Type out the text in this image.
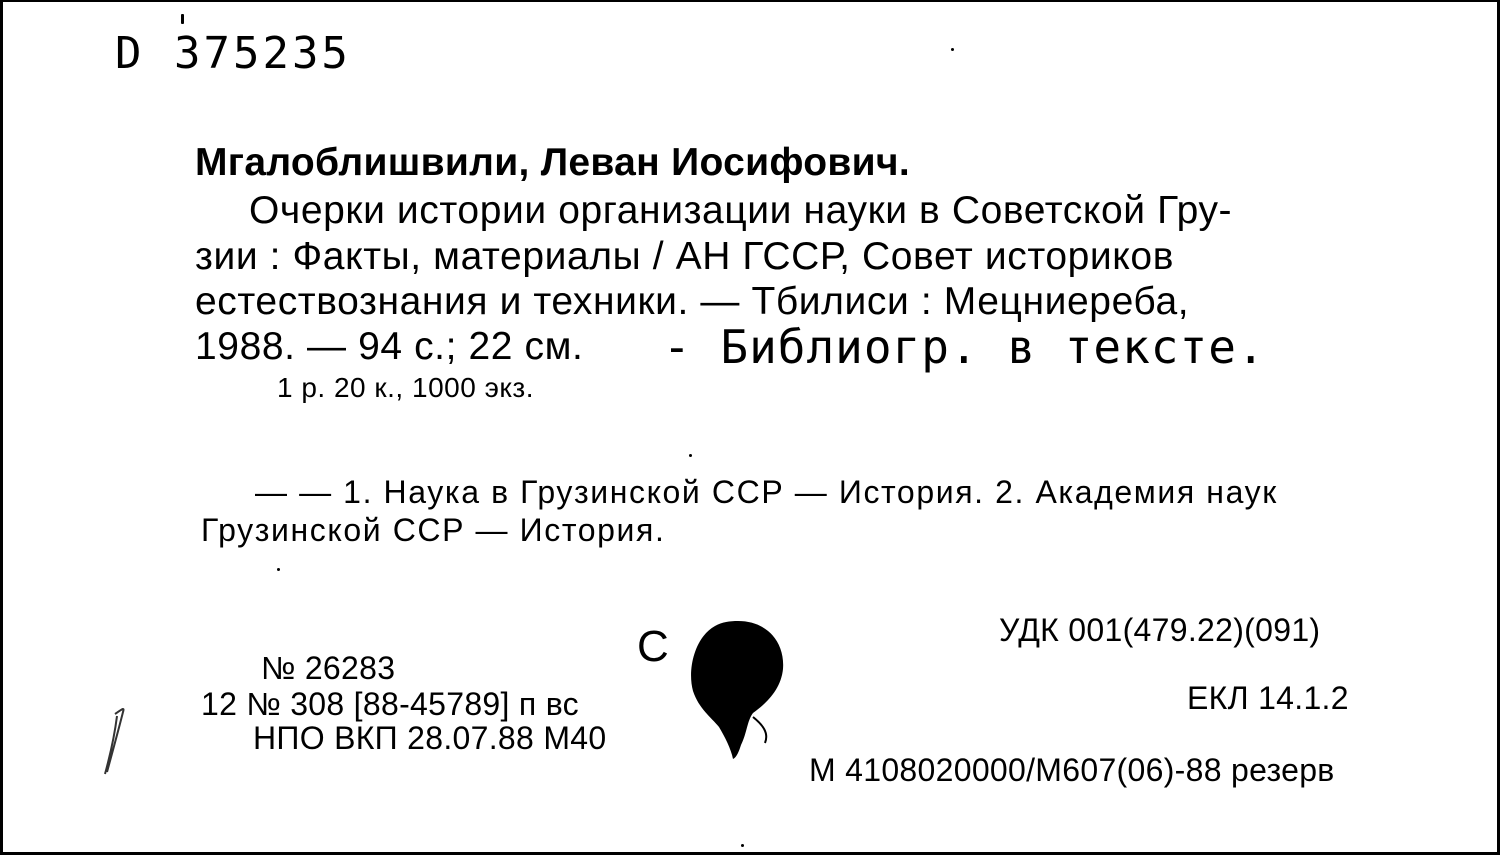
D 375235
Мгалоблишвили, Леван Иосифович.
Очерки истории организации науки в Советской Гру-
зии : Факты, материалы / АН ГССР, Совет историков
естествознания и техники. — Тбилиси : Мецниереба,
1988. — 94 с.; 22 см. - Библиогр. в тексте.
1 р. 20 к., 1000 экз.
— — 1. Наука в Грузинской ССР — История. 2. Академия наук
Грузинской ССР — История.
№ 26283
12 № 308 [88-45789] п вс
НПО ВКП 28.07.88 М40
С	УДК 001(479.22)(091)
ЕКЛ 14.1.2
М 4108020000/М607(06)-88 резерв
